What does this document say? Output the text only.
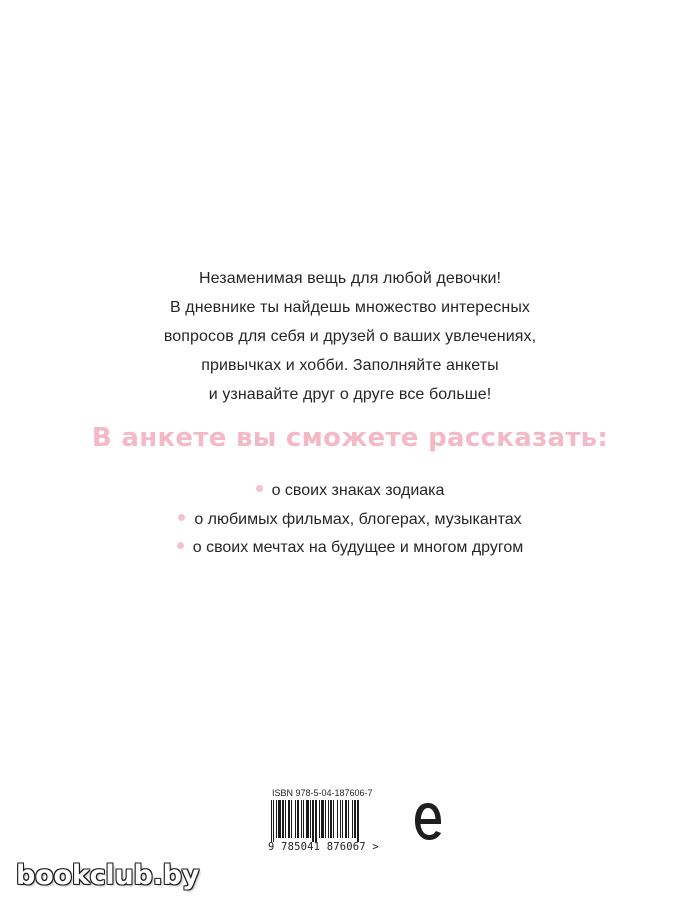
Незаменимая вещь для любой девочки!
В дневнике ты найдешь множество интересных
вопросов для себя и друзей о ваших увлечениях,
привычках и хобби. Заполняйте анкеты
и узнавайте друг о друге все больше!
В анкете вы сможете рассказать:
о своих знаках зодиака
о любимых фильмах, блогерах, музыкантах
о своих мечтах на будущее и многом другом
ISBN 978-5-04-187606-7
9 785041 876067 >
bookclub.by
